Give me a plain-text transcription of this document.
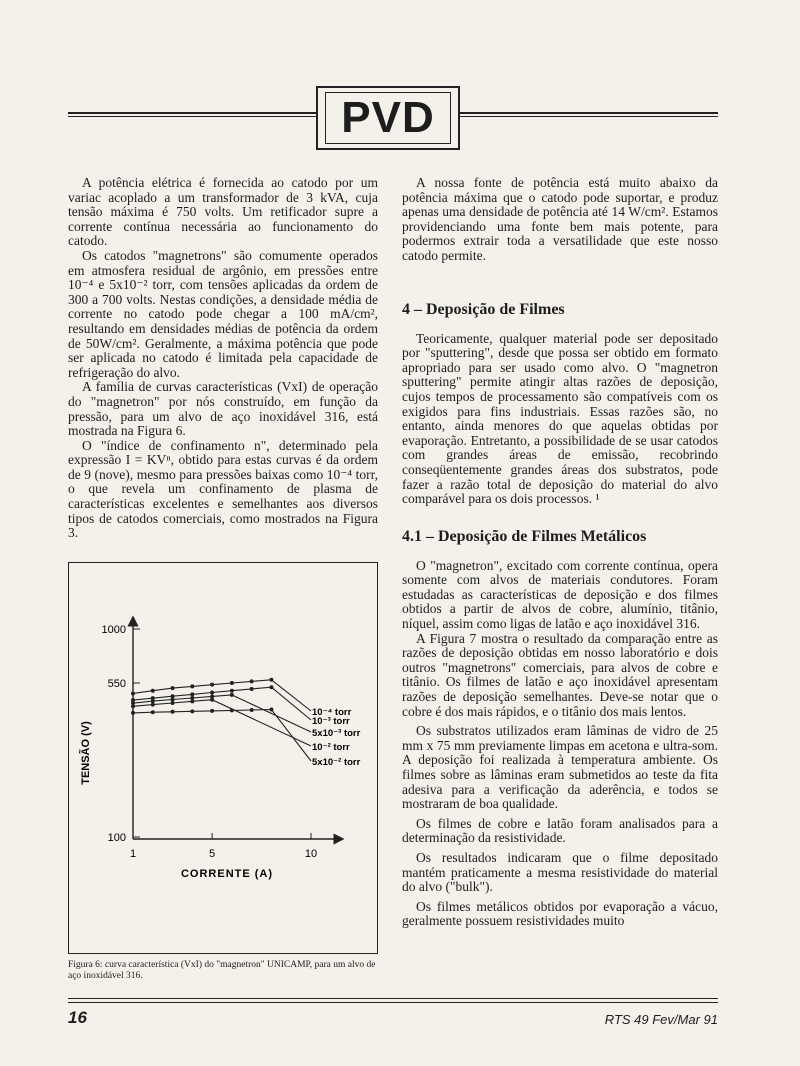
PVD

A potência elétrica é fornecida ao catodo por um variac acoplado a um transformador de 3 kVA, cuja tensão máxima é 750 volts. Um retificador supre a corrente contínua necessária ao funcionamento do catodo.

Os catodos "magnetrons" são comumente operados em atmosfera residual de argônio, em pressões entre 10⁻⁴ e 5x10⁻² torr, com tensões aplicadas da ordem de 300 a 700 volts. Nestas condições, a densidade média de corrente no catodo pode chegar a 100 mA/cm², resultando em densidades médias de potência da ordem de 50W/cm². Geralmente, a máxima potência que pode ser aplicada no catodo é limitada pela capacidade de refrigeração do alvo.

A família de curvas características (VxI) de operação do "magnetron" por nós construído, em função da pressão, para um alvo de aço inoxidável 316, está mostrada na Figura 6.

O "índice de confinamento n", determinado pela expressão I = KVⁿ, obtido para estas curvas é da ordem de 9 (nove), mesmo para pressões baixas como 10⁻⁴ torr, o que revela um confinamento de plasma de características excelentes e semelhantes aos diversos tipos de catodos comerciais, como mostrados na Figura 3.

100
550
1000
1	5	10
10⁻⁴ torr
10⁻³ torr
5x10⁻³ torr
10⁻² torr
5x10⁻² torr
TENSÃO (V)
CORRENTE (A)
Figura 6: curva característica (VxI) do "magnetron" UNICAMP, para um alvo de aço inoxidável 316.

A nossa fonte de potência está muito abaixo da potência máxima que o catodo pode suportar, e produz apenas uma densidade de potência até 14 W/cm². Estamos providenciando uma fonte bem mais potente, para podermos extrair toda a versatilidade que este nosso catodo permite.

4 – Deposição de Filmes

Teoricamente, qualquer material pode ser depositado por "sputtering", desde que possa ser obtido em formato apropriado para ser usado como alvo. O "magnetron sputtering" permite atingir altas razões de deposição, cujos tempos de processamento são compatíveis com os exigidos para fins industriais. Essas razões são, no entanto, ainda menores do que aquelas obtidas por evaporação. Entretanto, a possibilidade de se usar catodos com grandes áreas de emissão, recobrindo conseqüentemente grandes áreas dos substratos, pode fazer a razão total de deposição do material do alvo comparável para os dois processos. ¹

4.1 – Deposição de Filmes Metálicos

O "magnetron", excitado com corrente contínua, opera somente com alvos de materiais condutores. Foram estudadas as características de deposição e dos filmes obtidos a partir de alvos de cobre, alumínio, titânio, níquel, assim como ligas de latão e aço inoxidável 316.

A Figura 7 mostra o resultado da comparação entre as razões de deposição obtidas em nosso laboratório e dois outros "magnetrons" comerciais, para alvos de cobre e titânio. Os filmes de latão e aço inoxidável apresentam razões de deposição semelhantes. Deve-se notar que o cobre é dos mais rápidos, e o titânio dos mais lentos.

Os substratos utilizados eram lâminas de vidro de 25 mm x 75 mm previamente limpas em acetona e ultra-som. A deposição foi realizada à temperatura ambiente. Os filmes sobre as lâminas eram submetidos ao teste da fita adesiva para a verificação da aderência, e todos se mostraram de boa qualidade.

Os filmes de cobre e latão foram analisados para a determinação da resistividade.

Os resultados indicaram que o filme depositado mantém praticamente a mesma resistividade do material do alvo ("bulk").

Os filmes metálicos obtidos por evaporação a vácuo, geralmente possuem resistividades muito

16	RTS 49 Fev/Mar 91
